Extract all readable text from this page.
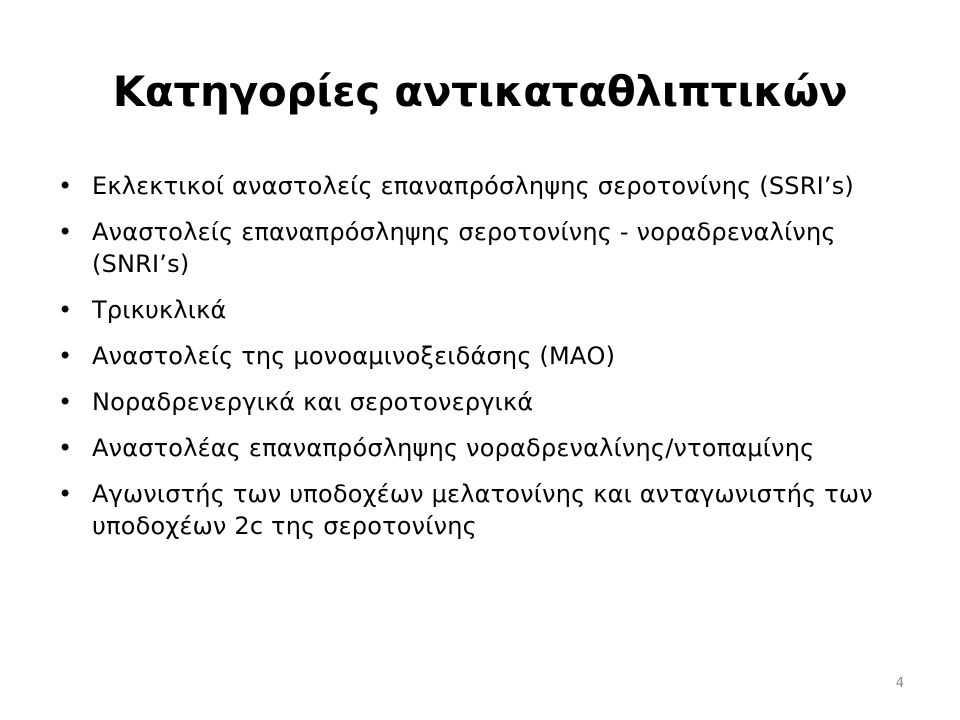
Κατηγορίες αντικαταθλιπτικών
• Εκλεκτικοί αναστολείς επαναπρόσληψης σεροτονίνης (SSRI’s)
• Αναστολείς επαναπρόσληψης σεροτονίνης - νοραδρεναλίνης (SNRI’s)
• Τρικυκλικά
• Αναστολείς της μονοαμινοξειδάσης (ΜΑΟ)
• Νοραδρενεργικά και σεροτονεργικά
• Αναστολέας επαναπρόσληψης νοραδρεναλίνης/ντοπαμίνης
• Αγωνιστής των υποδοχέων μελατονίνης και ανταγωνιστής των υποδοχέων 2c της σεροτονίνης
4
